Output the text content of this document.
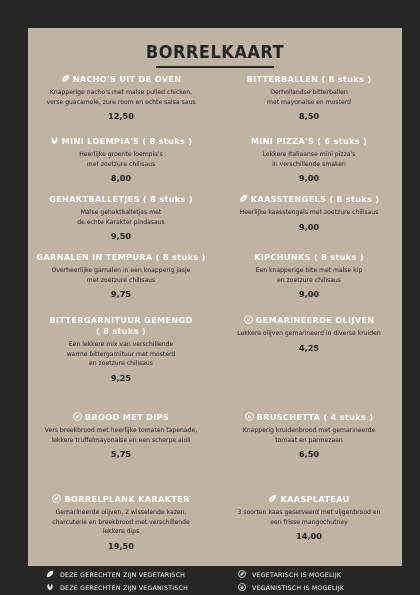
BORRELKAART
NACHO'S UIT DE OVEN
Knapperige nacho's met malse pulled chicken,
verse guacamole, zure room en echte salsa saus
12,50
BITTERBALLEN ( 8 stuks )
Oerhollandse bitterballen
met mayonaise en mosterd
8,50
MINI LOEMPIA'S ( 8 stuks )
Heerlijke groente loempia's
met zoetzure chilisaus
8,00
MINI PIZZA'S ( 6 stuks )
Lekkere Italiaanse mini pizza's
in verschillende smaken
9,00
GEHAKTBALLETJES ( 8 stuks )
Malse gehaktballetjes met
de echte Karakter pindasaus
9,50
KAASSTENGELS ( 8 stuks )
Heerlijke kaasstengels met zoetzure chilisaus
9,00
GARNALEN IN TEMPURA ( 8 stuks )
Overheerlijke garnalen in een knapperig jasje
met zoetzure chilisaus
9,75
KIPCHUNKS ( 8 stuks )
Een knapperige bite met malse kip
en zoetzure chilisaus
9,00
BITTERGARNITUUR GEMENGD
( 8 stuks )
Een lekkere mix van verschillende
warme bittergarnituur met mosterd
en zoetzure chilisaus
9,25
GEMARINEERDE OLIJVEN
Lekkere olijven gemarineerd in diverse kruiden
4,25
BROOD MET DIPS
Vers breekbrood met heerlijke tomaten tapenade,
lekkere truffelmayonaise en een scherpe aioli
5,75
BRUSCHETTA ( 4 stuks )
Knapperig kruidenbrood met gemarineerde
tomaat en parmezaan
6,50
BORRELPLANK KARAKTER
Gemarineerde olijven, 2 wisselende kazen,
charcuterie en breekbrood met verschillende
lekkere dips
19,50
KAASPLATEAU
3 soorten kaas geserveerd met vijgenbrood en
een frisse mangochutney
14,00
DEZE GERECHTEN ZIJN VEGETARISCH
DEZE GERECHTEN ZIJN VEGANISTISCH
VEGETARISCH IS MOGELIJK
VEGANISTISCH IS MOGELIJK
